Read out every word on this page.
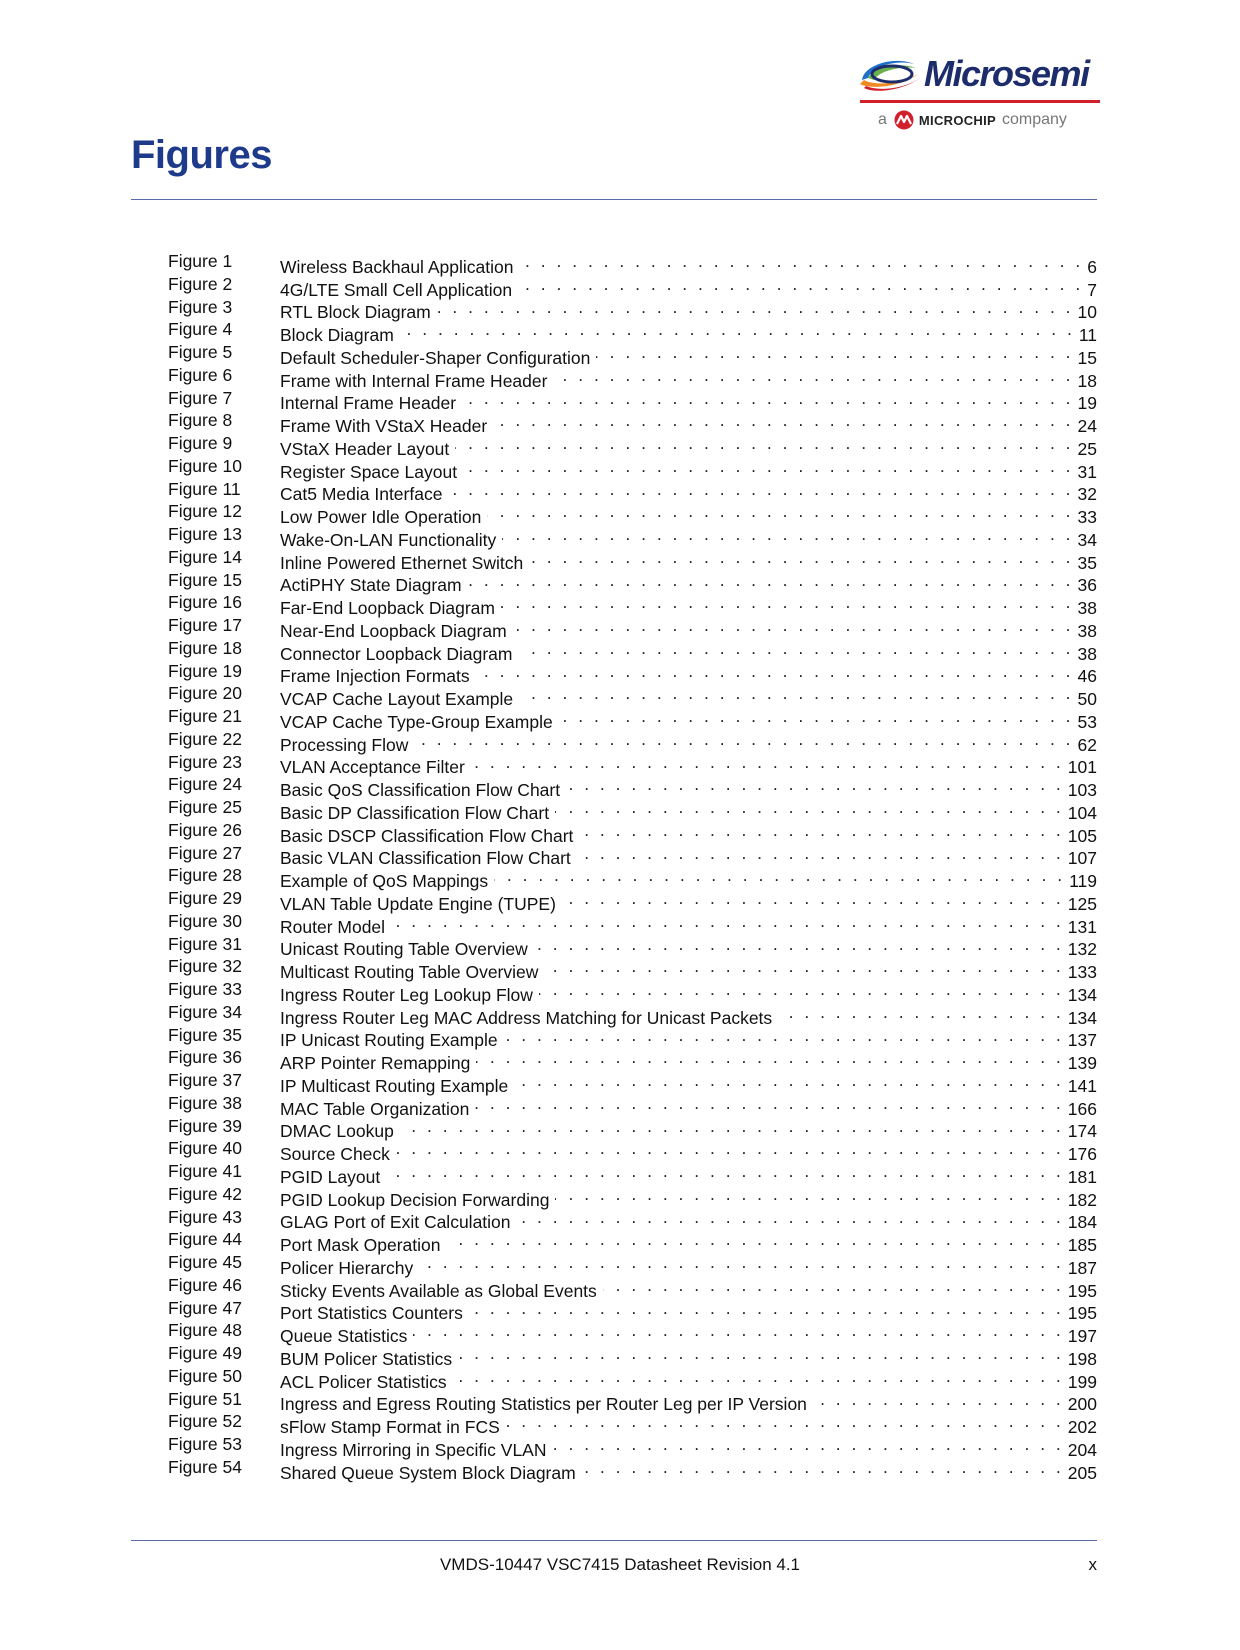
Microsemi
a MICROCHIP company
Figures
Figure 1	Wireless Backhaul Application . . .	6
Figure 2	4G/LTE Small Cell Application . . .	7
Figure 3	RTL Block Diagram . . .	10
Figure 4	Block Diagram . . .	11
Figure 5	Default Scheduler-Shaper Configuration . . .	15
Figure 6	Frame with Internal Frame Header . . .	18
Figure 7	Internal Frame Header . . .	19
Figure 8	Frame With VStaX Header . . .	24
Figure 9	VStaX Header Layout . . .	25
Figure 10 Register Space Layout . . .	31
Figure 11 Cat5 Media Interface . . .	32
Figure 12 Low Power Idle Operation . . .	33
Figure 13 Wake-On-LAN Functionality . . .	34
Figure 14 Inline Powered Ethernet Switch . . .	35
Figure 15 ActiPHY State Diagram . . .	36
Figure 16 Far-End Loopback Diagram . . .	38
Figure 17 Near-End Loopback Diagram . . .	38
Figure 18 Connector Loopback Diagram . . .	38
Figure 19 Frame Injection Formats . . .	46
Figure 20 VCAP Cache Layout Example . . .	50
Figure 21 VCAP Cache Type-Group Example . . .	53
Figure 22 Processing Flow . . .	62
Figure 23 VLAN Acceptance Filter . . .	101
Figure 24 Basic QoS Classification Flow Chart . . .	103
Figure 25 Basic DP Classification Flow Chart . . .	104
Figure 26 Basic DSCP Classification Flow Chart . . .	105
Figure 27 Basic VLAN Classification Flow Chart . . .	107
Figure 28 Example of QoS Mappings . . .	119
Figure 29 VLAN Table Update Engine (TUPE) . . .	125
Figure 30 Router Model . . .	131
Figure 31 Unicast Routing Table Overview . . .	132
Figure 32 Multicast Routing Table Overview . . .	133
Figure 33 Ingress Router Leg Lookup Flow . . .	134
Figure 34 Ingress Router Leg MAC Address Matching for Unicast Packets . . .	134
Figure 35 IP Unicast Routing Example . . .	137
Figure 36 ARP Pointer Remapping . . .	139
Figure 37 IP Multicast Routing Example . . .	141
Figure 38 MAC Table Organization . . .	166
Figure 39 DMAC Lookup . . .	174
Figure 40 Source Check . . .	176
Figure 41 PGID Layout . . .	181
Figure 42 PGID Lookup Decision Forwarding . . .	182
Figure 43 GLAG Port of Exit Calculation . . .	184
Figure 44 Port Mask Operation . . .	185
Figure 45 Policer Hierarchy . . .	187
Figure 46 Sticky Events Available as Global Events . . .	195
Figure 47 Port Statistics Counters . . .	195
Figure 48 Queue Statistics . . .	197
Figure 49 BUM Policer Statistics . . .	198
Figure 50 ACL Policer Statistics . . .	199
Figure 51 Ingress and Egress Routing Statistics per Router Leg per IP Version . . .	200
Figure 52 sFlow Stamp Format in FCS . . .	202
Figure 53 Ingress Mirroring in Specific VLAN . . .	204
Figure 54 Shared Queue System Block Diagram . . .	205
VMDS-10447 VSC7415 Datasheet Revision 4.1	x
